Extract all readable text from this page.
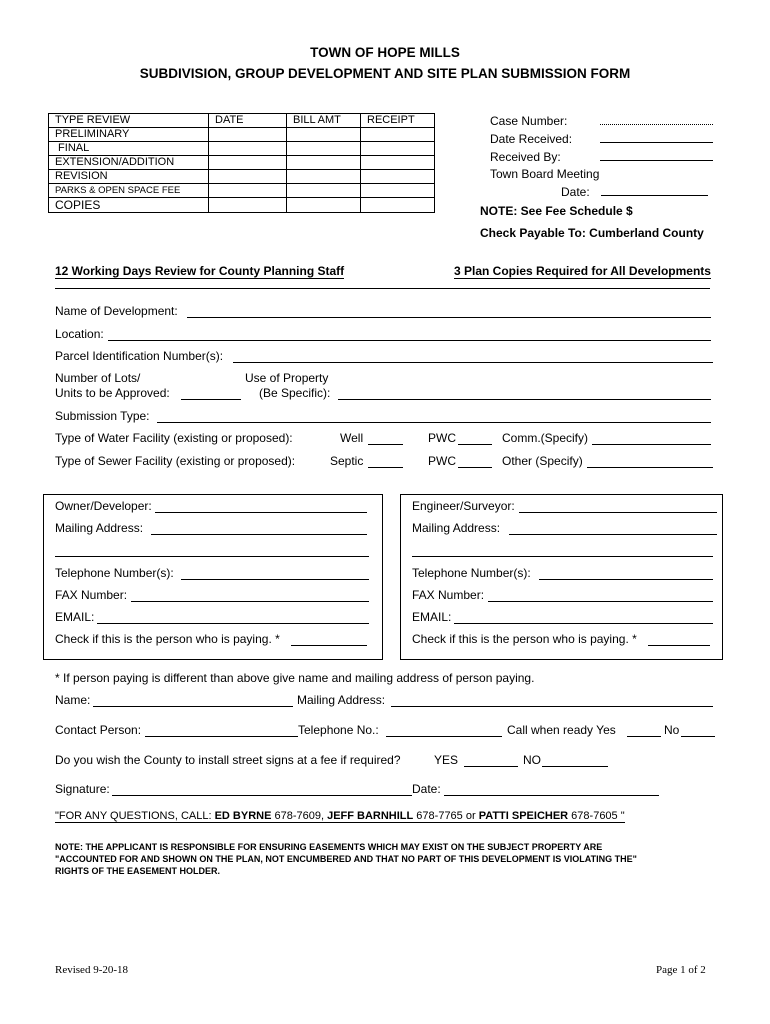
TOWN OF HOPE MILLS
SUBDIVISION, GROUP DEVELOPMENT AND SITE PLAN SUBMISSION FORM
TYPE REVIEW	DATE	BILL AMT	RECEIPT
PRELIMINARY			
FINAL			
EXTENSION/ADDITION			
REVISION			
PARKS & OPEN SPACE FEE			
COPIES			
Case Number:
Date Received:
Received By:
Town Board Meeting
Date:
NOTE: See Fee Schedule $
Check Payable To: Cumberland County
12 Working Days Review for County Planning Staff	3 Plan Copies Required for All Developments
Name of Development:
Location:
Parcel Identification Number(s):
Number of Lots/
Units to be Approved:
Use of Property
(Be Specific):
Submission Type:
Type of Water Facility (existing or proposed):	Well	PWC	Comm.(Specify)
Type of Sewer Facility (existing or proposed):	Septic	PWC	Other (Specify)
Owner/Developer:
Mailing Address:
Telephone Number(s):
FAX Number:
EMAIL:
Check if this is the person who is paying. *
Engineer/Surveyor:
Mailing Address:
Telephone Number(s):
FAX Number:
EMAIL:
Check if this is the person who is paying. *
* If person paying is different than above give name and mailing address of person paying.
Name:	Mailing Address:
Contact Person:	Telephone No.:	Call when ready Yes	No
Do you wish the County to install street signs at a fee if required?	YES	NO
Signature:	Date:
"FOR ANY QUESTIONS, CALL: ED BYRNE 678-7609, JEFF BARNHILL 678-7765 or PATTI SPEICHER 678-7605 "
NOTE: THE APPLICANT IS RESPONSIBLE FOR ENSURING EASEMENTS WHICH MAY EXIST ON THE SUBJECT PROPERTY ARE
"ACCOUNTED FOR AND SHOWN ON THE PLAN, NOT ENCUMBERED AND THAT NO PART OF THIS DEVELOPMENT IS VIOLATING THE"
RIGHTS OF THE EASEMENT HOLDER.
Revised 9-20-18	Page 1 of 2
